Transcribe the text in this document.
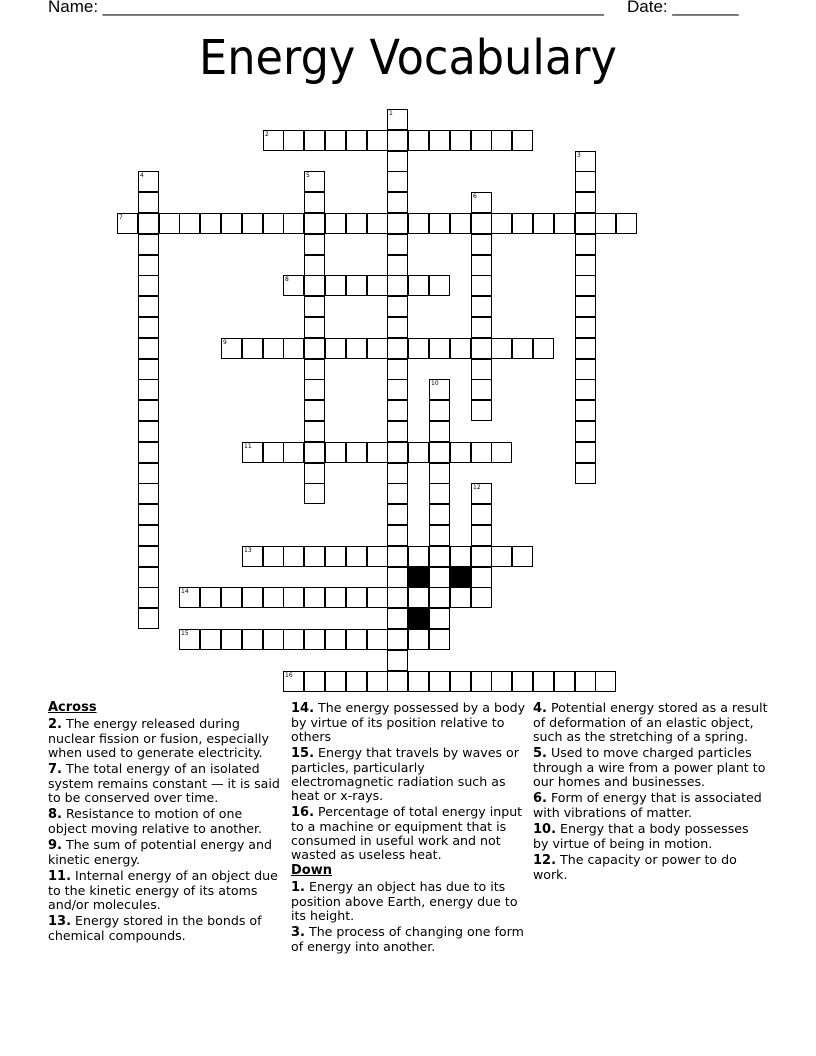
Name: _____________________________________________________ Date: _______
Energy Vocabulary
2
7
8
9
11
13
14
15
16
1
3
4	5
6
10
12
Across
2. The energy released during nuclear fission or fusion, especially when used to generate electricity.
7. The total energy of an isolated system remains constant — it is said to be conserved over time.
8. Resistance to motion of one object moving relative to another.
9. The sum of potential energy and kinetic energy.
11. Internal energy of an object due to the kinetic energy of its atoms and/or molecules.
13. Energy stored in the bonds of chemical compounds.
14. The energy possessed by a body by virtue of its position relative to others
15. Energy that travels by waves or particles, particularly electromagnetic radiation such as heat or x-rays.
16. Percentage of total energy input to a machine or equipment that is consumed in useful work and not wasted as useless heat.
Down
1. Energy an object has due to its position above Earth, energy due to its height.
3. The process of changing one form of energy into another.
4. Potential energy stored as a result of deformation of an elastic object, such as the stretching of a spring.
5. Used to move charged particles through a wire from a power plant to our homes and businesses.
6. Form of energy that is associated with vibrations of matter.
10. Energy that a body possesses by virtue of being in motion.
12. The capacity or power to do work.
